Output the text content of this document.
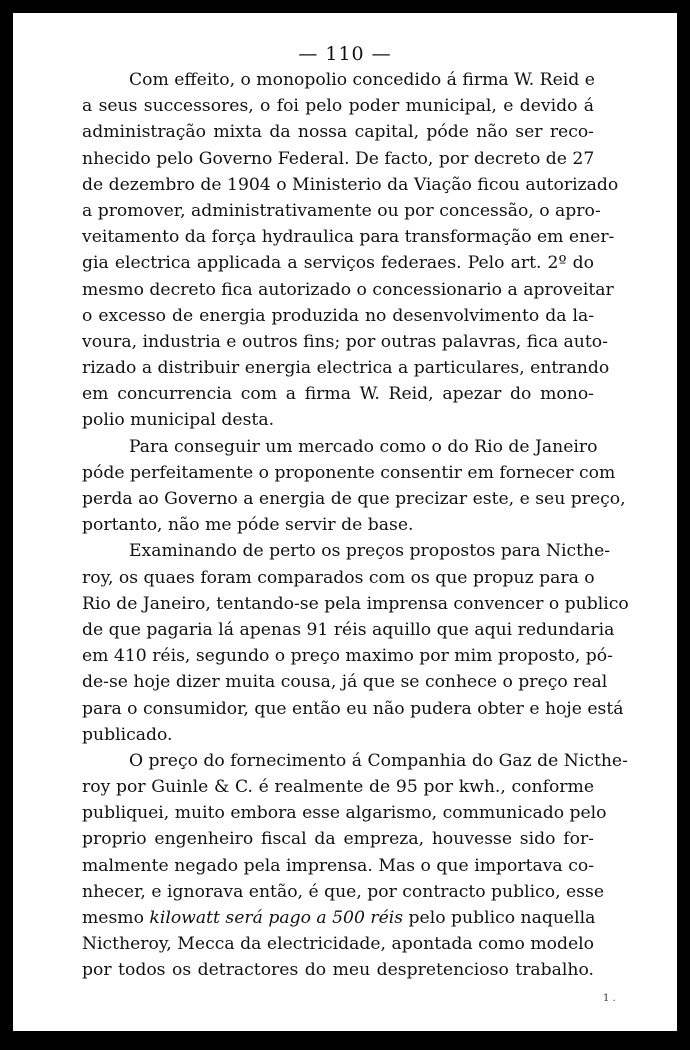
— 110 —
Com effeito, o monopolio concedido á firma W. Reid e
a seus successores, o foi pelo poder municipal, e devido á
administração mixta da nossa capital, póde não ser reco-
nhecido pelo Governo Federal. De facto, por decreto de 27
de dezembro de 1904 o Ministerio da Viação ficou autorizado
a promover, administrativamente ou por concessão, o apro-
veitamento da força hydraulica para transformação em ener-
gia electrica applicada a serviços federaes. Pelo art. 2º do
mesmo decreto fica autorizado o concessionario a aproveitar
o excesso de energia produzida no desenvolvimento da la-
voura, industria e outros fins; por outras palavras, fica auto-
rizado a distribuir energia electrica a particulares, entrando
em concurrencia com a firma W. Reid, apezar do mono-
polio municipal desta.
Para conseguir um mercado como o do Rio de Janeiro
póde perfeitamente o proponente consentir em fornecer com
perda ao Governo a energia de que precizar este, e seu preço,
portanto, não me póde servir de base.
Examinando de perto os preços propostos para Nicthe-
roy, os quaes foram comparados com os que propuz para o
Rio de Janeiro, tentando-se pela imprensa convencer o publico
de que pagaria lá apenas 91 réis aquillo que aqui redundaria
em 410 réis, segundo o preço maximo por mim proposto, pó-
de-se hoje dizer muita cousa, já que se conhece o preço real
para o consumidor, que então eu não pudera obter e hoje está
publicado.
O preço do fornecimento á Companhia do Gaz de Nicthe-
roy por Guinle & C. é realmente de 95 por kwh., conforme
publiquei, muito embora esse algarismo, communicado pelo
proprio engenheiro fiscal da empreza, houvesse sido for-
malmente negado pela imprensa. Mas o que importava co-
nhecer, e ignorava então, é que, por contracto publico, esse
mesmo kilowatt será pago a 500 réis pelo publico naquella
Nictheroy, Mecca da electricidade, apontada como modelo
por todos os detractores do meu despretencioso trabalho.
1 .
